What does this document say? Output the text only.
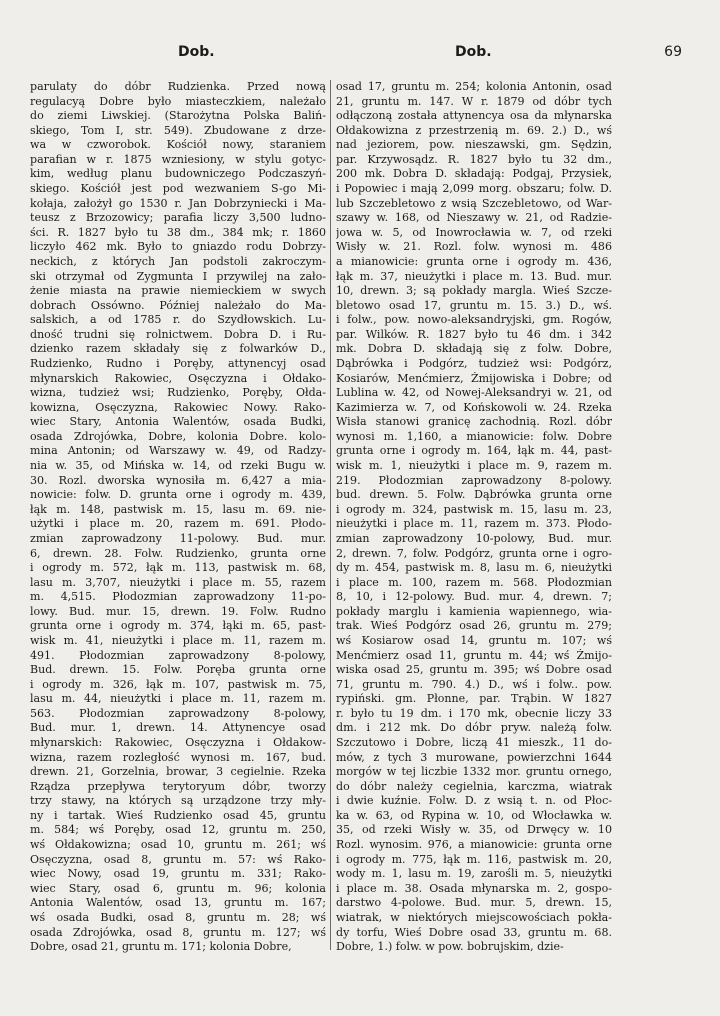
Dob.	Dob.	69
parulaty do dóbr Rudzienka. Przed nową
regulacyą Dobre było miasteczkiem, należało
do ziemi Liwskiej. (Starożytna Polska Baliń-
skiego, Tom I, str. 549). Zbudowane z drze-
wa w czworobok. Kościół nowy, staraniem
parafian w r. 1875 wzniesiony, w stylu gotyc-
kim, według planu budowniczego Podczaszyń-
skiego. Kościół jest pod wezwaniem S-go Mi-
kołaja, założył go 1530 r. Jan Dobrzyniecki i Ma-
teusz z Brzozowicy; parafia liczy 3,500 ludno-
ści. R. 1827 było tu 38 dm., 384 mk; r. 1860
liczyło 462 mk. Było to gniazdo rodu Dobrzy-
neckich, z których Jan podstoli zakroczym-
ski otrzymał od Zygmunta I przywilej na zało-
żenie miasta na prawie niemieckiem w swych
dobrach Ossówno. Później należało do Ma-
salskich, a od 1785 r. do Szydłowskich. Lu-
dność trudni się rolnictwem. Dobra D. i Ru-
dzienko razem składały się z folwarków D.,
Rudzienko, Rudno i Poręby, attynencyj osad
młynarskich Rakowiec, Osęczyzna i Ołdako-
wizna, tudzież wsi; Rudzienko, Poręby, Ołda-
kowizna, Osęczyzna, Rakowiec Nowy. Rako-
wiec Stary, Antonia Walentów, osada Budki,
osada Zdrojówka, Dobre, kolonia Dobre. kolo-
mina Antonin; od Warszawy w. 49, od Radzy-
nia w. 35, od Mińska w. 14, od rzeki Bugu w.
30. Rozl. dworska wynosiła m. 6,427 a mia-
nowicie: folw. D. grunta orne i ogrody m. 439,
łąk m. 148, pastwisk m. 15, lasu m. 69. nie-
użytki i place m. 20, razem m. 691. Płodo-
zmian zaprowadzony 11-polowy. Bud. mur.
6, drewn. 28. Folw. Rudzienko, grunta orne
i ogrody m. 572, łąk m. 113, pastwisk m. 68,
lasu m. 3,707, nieużytki i place m. 55, razem
m. 4,515. Płodozmian zaprowadzony 11-po-
lowy. Bud. mur. 15, drewn. 19. Folw. Rudno
grunta orne i ogrody m. 374, łąki m. 65, past-
wisk m. 41, nieużytki i place m. 11, razem m.
491. Płodozmian zaprowadzony 8-polowy,
Bud. drewn. 15. Folw. Poręba grunta orne
i ogrody m. 326, łąk m. 107, pastwisk m. 75,
lasu m. 44, nieużytki i place m. 11, razem m.
563. Płodozmian zaprowadzony 8-polowy,
Bud. mur. 1, drewn. 14. Attynencye osad
młynarskich: Rakowiec, Osęczyzna i Ołdakow-
wizna, razem rozległość wynosi m. 167, bud.
drewn. 21, Gorzelnia, browar, 3 cegielnie. Rzeka
Rządza przepływa terytoryum dóbr, tworzy
trzy stawy, na których są urządzone trzy mły-
ny i tartak. Wieś Rudzienko osad 45, gruntu
m. 584; wś Poręby, osad 12, gruntu m. 250,
wś Ołdakowizna; osad 10, gruntu m. 261; wś
Osęczyzna, osad 8, gruntu m. 57: wś Rako-
wiec Nowy, osad 19, gruntu m. 331; Rako-
wiec Stary, osad 6, gruntu m. 96; kolonia
Antonia Walentów, osad 13, gruntu m. 167;
wś osada Budki, osad 8, gruntu m. 28; wś
osada Zdrojówka, osad 8, gruntu m. 127; wś
Dobre, osad 21, gruntu m. 171; kolonia Dobre,
osad 17, gruntu m. 254; kolonia Antonin, osad
21, gruntu m. 147. W r. 1879 od dóbr tych
odłączoną została attynencya osa da młynarska
Ołdakowizna z przestrzenią m. 69. 2.) D., wś
nad jeziorem, pow. nieszawski, gm. Sędzin,
par. Krzywosądz. R. 1827 było tu 32 dm.,
200 mk. Dobra D. składają: Podgaj, Przysiek,
i Popowiec i mają 2,099 morg. obszaru; folw. D.
lub Szczebletowo z wsią Szczebletowo, od War-
szawy w. 168, od Nieszawy w. 21, od Radzie-
jowa w. 5, od Inowrocławia w. 7, od rzeki
Wisły w. 21. Rozl. folw. wynosi m. 486
a mianowicie: grunta orne i ogrody m. 436,
łąk m. 37, nieużytki i place m. 13. Bud. mur.
10, drewn. 3; są pokłady margla. Wieś Szcze-
bletowo osad 17, gruntu m. 15. 3.) D., wś.
i folw., pow. nowo-aleksandryjski, gm. Rogów,
par. Wilków. R. 1827 było tu 46 dm. i 342
mk. Dobra D. składają się z folw. Dobre,
Dąbrówka i Podgórz, tudzież wsi: Podgórz,
Kosiarów, Menćmierz, Żmijowiska i Dobre; od
Lublina w. 42, od Nowej-Aleksandryi w. 21, od
Kazimierza w. 7, od Końskowoli w. 24. Rzeka
Wisła stanowi granicę zachodnią. Rozl. dóbr
wynosi m. 1,160, a mianowicie: folw. Dobre
grunta orne i ogrody m. 164, łąk m. 44, past-
wisk m. 1, nieużytki i place m. 9, razem m.
219. Płodozmian zaprowadzony 8-polowy.
bud. drewn. 5. Folw. Dąbrówka grunta orne
i ogrody m. 324, pastwisk m. 15, lasu m. 23,
nieużytki i place m. 11, razem m. 373. Płodo-
zmian zaprowadzony 10-polowy, Bud. mur.
2, drewn. 7, folw. Podgórz, grunta orne i ogro-
dy m. 454, pastwisk m. 8, lasu m. 6, nieużytki
i place m. 100, razem m. 568. Płodozmian
8, 10, i 12-polowy. Bud. mur. 4, drewn. 7;
pokłady marglu i kamienia wapiennego, wia-
trak. Wieś Podgórz osad 26, gruntu m. 279;
wś Kosiarow osad 14, gruntu m. 107; wś
Menćmierz osad 11, gruntu m. 44; wś Żmijo-
wiska osad 25, gruntu m. 395; wś Dobre osad
71, gruntu m. 790. 4.) D., wś i folw.. pow.
rypiński. gm. Płonne, par. Trąbin. W 1827
r. było tu 19 dm. i 170 mk, obecnie liczy 33
dm. i 212 mk. Do dóbr pryw. należą folw.
Szczutowo i Dobre, liczą 41 mieszk., 11 do-
mów, z tych 3 murowane, powierzchni 1644
morgów w tej liczbie 1332 mor. gruntu ornego,
do dóbr należy cegielnia, karczma, wiatrak
i dwie kuźnie. Folw. D. z wsią t. n. od Płoc-
ka w. 63, od Rypina w. 10, od Włocławka w.
35, od rzeki Wisły w. 35, od Drwęcy w. 10
Rozl. wynosim. 976, a mianowicie: grunta orne
i ogrody m. 775, łąk m. 116, pastwisk m. 20,
wody m. 1, lasu m. 19, zarośli m. 5, nieużytki
i place m. 38. Osada młynarska m. 2, gospo-
darstwo 4-polowe. Bud. mur. 5, drewn. 15,
wiatrak, w niektórych miejscowościach pokła-
dy torfu, Wieś Dobre osad 33, gruntu m. 68.
Dobre, 1.) folw. w pow. bobrujskim, dzie-
